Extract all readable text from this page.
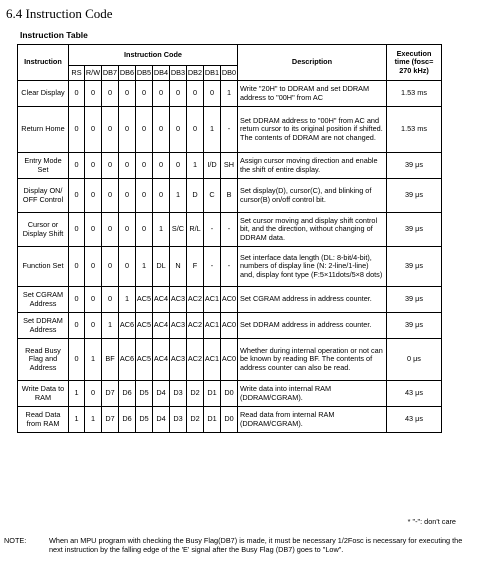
6.4 Instruction Code
Instruction Table
Instruction	Instruction Code										Description	Execution time (fosc= 270 kHz)
	RS	R/W	DB7	DB6	DB5	DB4	DB3	DB2	DB1	DB0		
Clear Display	0	0	0	0	0	0	0	0	0	1	Write "20H" to DDRAM and set DDRAM address to "00H" from AC	1.53 ms
Return Home	0	0	0	0	0	0	0	0	1	-	Set DDRAM address to "00H" from AC and return cursor to its original position if shifted. The contents of DDRAM are not changed.	1.53 ms
Entry Mode Set	0	0	0	0	0	0	0	1	I/D	SH	Assign cursor moving direction and enable the shift of entire display.	39 μs
Display ON/ OFF Control	0	0	0	0	0	0	1	D	C	B	Set display(D), cursor(C), and blinking of cursor(B) on/off control bit.	39 μs
Cursor or Display Shift	0	0	0	0	0	1	S/C	R/L	-	-	Set cursor moving and display shift control bit, and the direction, without changing of DDRAM data.	39 μs
Function Set	0	0	0	0	1	DL	N	F	-	-	Set interface data length (DL: 8-bit/4-bit), numbers of display line (N: 2-line/1-line) and, display font type (F:5×11dots/5×8 dots)	39 μs
Set CGRAM Address	0	0	0	1	AC5	AC4	AC3	AC2	AC1	AC0	Set CGRAM address in address counter.	39 μs
Set DDRAM Address	0	0	1	AC6	AC5	AC4	AC3	AC2	AC1	AC0	Set DDRAM address in address counter.	39 μs
Read Busy Flag and Address	0	1	BF	AC6	AC5	AC4	AC3	AC2	AC1	AC0	Whether during internal operation or not can be known by reading BF. The contents of address counter can also be read.	0 μs
Write Data to RAM	1	0	D7	D6	D5	D4	D3	D2	D1	D0	Write data into internal RAM (DDRAM/CGRAM).	43 μs
Read Data from RAM	1	1	D7	D6	D5	D4	D3	D2	D1	D0	Read data from internal RAM (DDRAM/CGRAM).	43 μs
* "-": don't care
NOTE:	When an MPU program with checking the Busy Flag(DB7) is made, it must be necessary 1/2Fosc is necessary for executing the next instruction by the falling edge of the 'E' signal after the Busy Flag (DB7) goes to "Low".
